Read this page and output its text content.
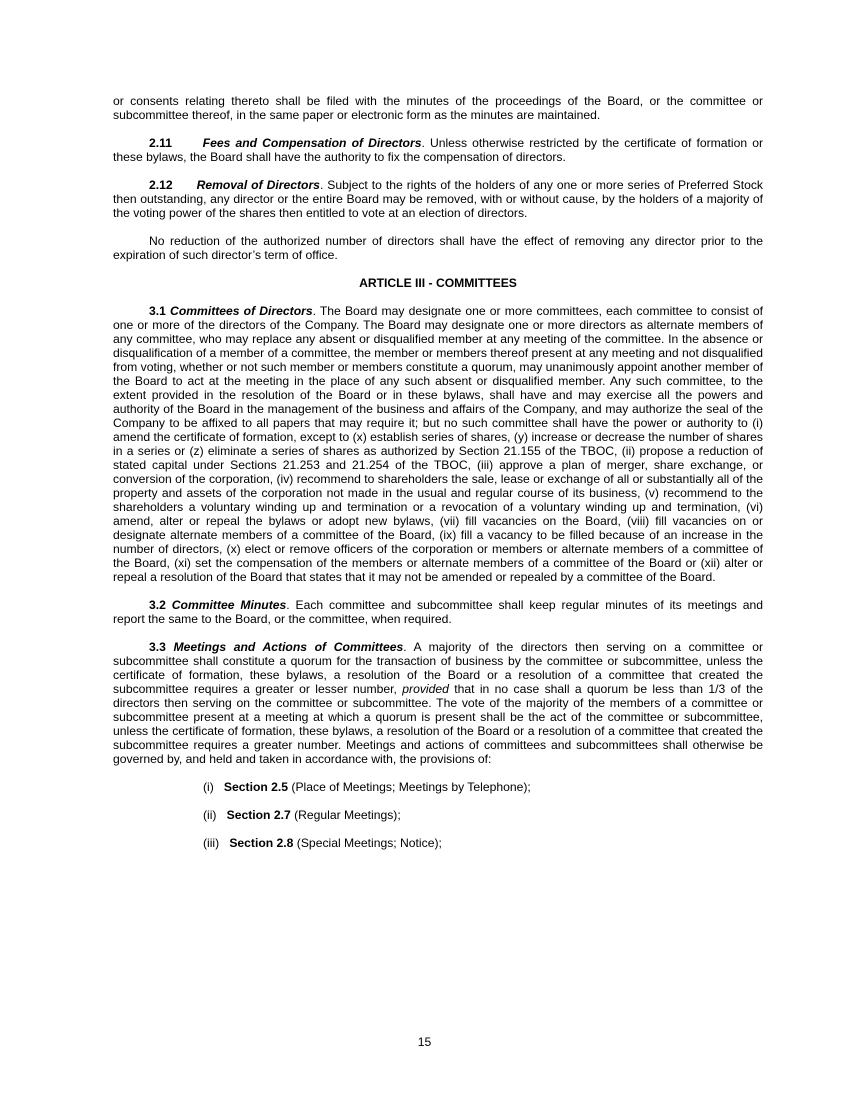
or consents relating thereto shall be filed with the minutes of the proceedings of the Board, or the committee or subcommittee thereof, in the same paper or electronic form as the minutes are maintained.

2.11	Fees and Compensation of Directors. Unless otherwise restricted by the certificate of formation or these bylaws, the Board shall have the authority to fix the compensation of directors.

2.12 Removal of Directors. Subject to the rights of the holders of any one or more series of Preferred Stock then outstanding, any director or the entire Board may be removed, with or without cause, by the holders of a majority of the voting power of the shares then entitled to vote at an election of directors.

No reduction of the authorized number of directors shall have the effect of removing any director prior to the expiration of such director’s term of office.

ARTICLE III - COMMITTEES

3.1 Committees of Directors. The Board may designate one or more committees, each committee to consist of one or more of the directors of the Company. The Board may designate one or more directors as alternate members of any committee, who may replace any absent or disqualified member at any meeting of the committee. In the absence or disqualification of a member of a committee, the member or members thereof present at any meeting and not disqualified from voting, whether or not such member or members constitute a quorum, may unanimously appoint another member of the Board to act at the meeting in the place of any such absent or disqualified member. Any such committee, to the extent provided in the resolution of the Board or in these bylaws, shall have and may exercise all the powers and authority of the Board in the management of the business and affairs of the Company, and may authorize the seal of the Company to be affixed to all papers that may require it; but no such committee shall have the power or authority to (i) amend the certificate of formation, except to (x) establish series of shares, (y) increase or decrease the number of shares in a series or (z) eliminate a series of shares as authorized by Section 21.155 of the TBOC, (ii) propose a reduction of stated capital under Sections 21.253 and 21.254 of the TBOC, (iii) approve a plan of merger, share exchange, or conversion of the corporation, (iv) recommend to shareholders the sale, lease or exchange of all or substantially all of the property and assets of the corporation not made in the usual and regular course of its business, (v) recommend to the shareholders a voluntary winding up and termination or a revocation of a voluntary winding up and termination, (vi) amend, alter or repeal the bylaws or adopt new bylaws, (vii) fill vacancies on the Board, (viii) fill vacancies on or designate alternate members of a committee of the Board, (ix) fill a vacancy to be filled because of an increase in the number of directors, (x) elect or remove officers of the corporation or members or alternate members of a committee of the Board, (xi) set the compensation of the members or alternate members of a committee of the Board or (xii) alter or repeal a resolution of the Board that states that it may not be amended or repealed by a committee of the Board.

3.2 Committee Minutes. Each committee and subcommittee shall keep regular minutes of its meetings and report the same to the Board, or the committee, when required.

3.3 Meetings and Actions of Committees. A majority of the directors then serving on a committee or subcommittee shall constitute a quorum for the transaction of business by the committee or subcommittee, unless the certificate of formation, these bylaws, a resolution of the Board or a resolution of a committee that created the subcommittee requires a greater or lesser number, provided that in no case shall a quorum be less than 1/3 of the directors then serving on the committee or subcommittee. The vote of the majority of the members of a committee or subcommittee present at a meeting at which a quorum is present shall be the act of the committee or subcommittee, unless the certificate of formation, these bylaws, a resolution of the Board or a resolution of a committee that created the subcommittee requires a greater number. Meetings and actions of committees and subcommittees shall otherwise be governed by, and held and taken in accordance with, the provisions of:

(i) Section 2.5 (Place of Meetings; Meetings by Telephone);

(ii) Section 2.7 (Regular Meetings);

(iii) Section 2.8 (Special Meetings; Notice);

15
